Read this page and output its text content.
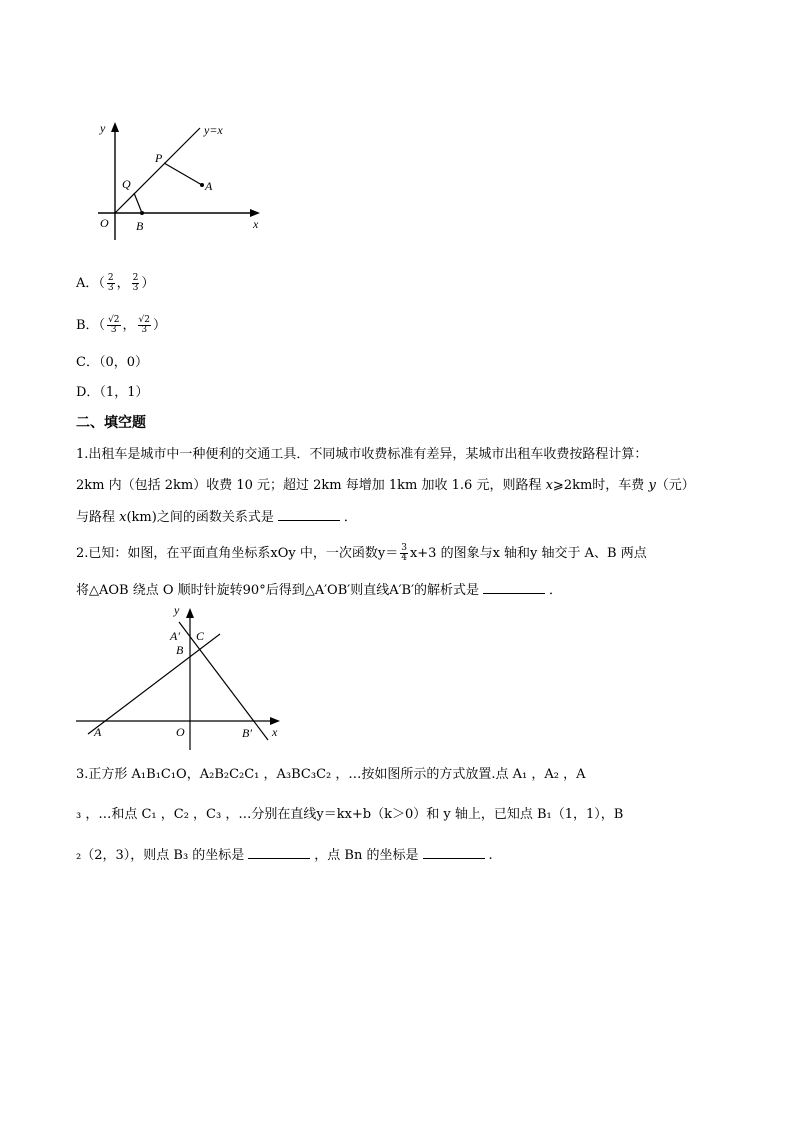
y
x
O
y=x
P
Q	A
B
A．（ $\frac{2}{3}$ ， $\frac{2}{3}$ ）
B．（ $\frac{√2}{3}$ ， $\frac{√2}{3}$ ）
C．（0，0）
D．（1，1）
二、填空题
1.出租车是城市中一种便利的交通工具．不同城市收费标准有差异，某城市出租车收费按路程计算：
2km 内（包括 2km）收费 10 元；超过 2km 每增加 1km 加收 1.6 元，则路程 x⩾2km时，车费 y（元）
与路程 x(km)之间的函数关系式是	．
2.已知：如图，在平面直角坐标系xOy 中，一次函数$y= \frac{3}{4} x+3$ 的图象与x 轴和y 轴交于 A、B 两点
将△AOB 绕点 O 顺时针旋转90°后得到△A′OB′则直线A′B′的解析式是	．
y
x
O
A′ C
B
A	B′
3.正方形 A₁B₁C₁O，A₂B₂C₂C₁ ，A₃BC₃C₂ ，…按如图所示的方式放置.点 A₁ ，A₂ ，A
₃ ，…和点 C₁ ，C₂ ，C₃ ，…分别在直线y＝kx+b（k＞0）和 y 轴上，已知点 B₁（1，1），B
₂（2，3），则点 B₃ 的坐标是	，点 Bn 的坐标是	.
